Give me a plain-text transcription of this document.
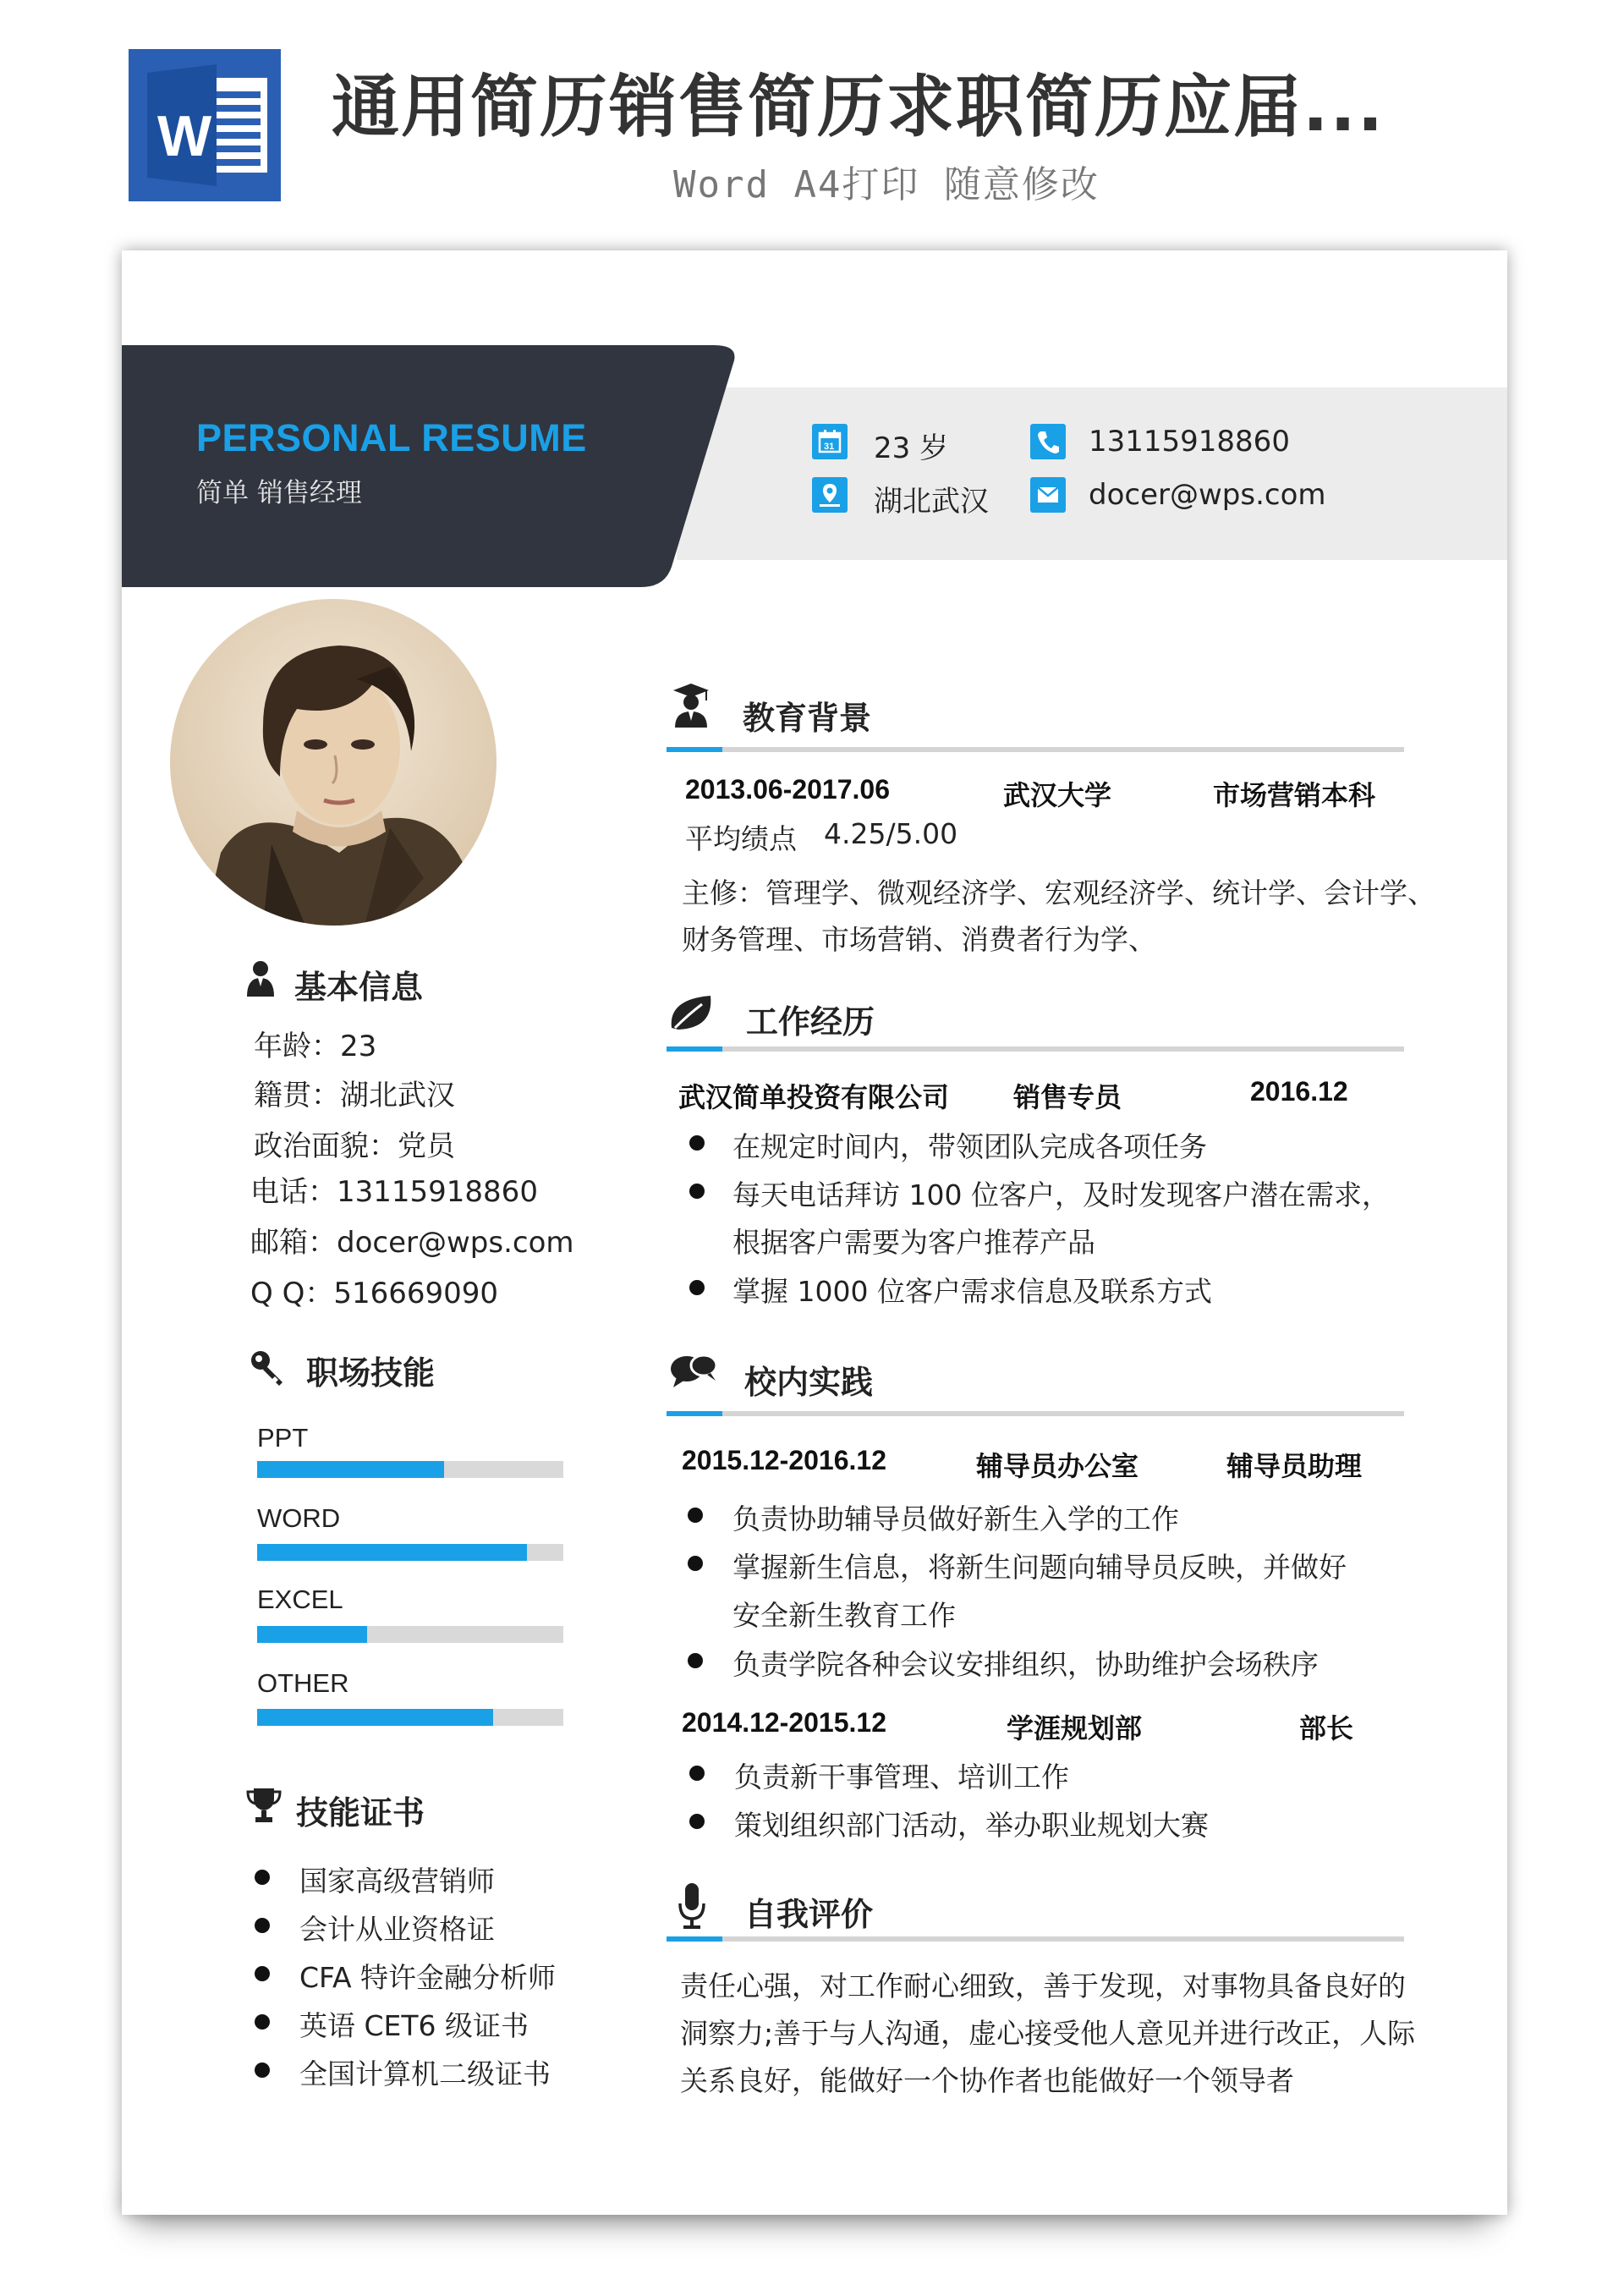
W 通用简历销售简历求职简历应届...
Word A4打印 随意修改
PERSONAL RESUME
简单 销售经理
31 23 岁	13115918860
湖北武汉	docer@wps.com
基本信息
年龄：23
籍贯：湖北武汉
政治面貌：党员
电话：13115918860
邮箱：docer@wps.com
Q Q：516669090
职场技能
PPT
WORD
EXCEL
OTHER
技能证书
国家高级营销师
会计从业资格证
CFA 特许金融分析师
英语 CET6 级证书
全国计算机二级证书
教育背景
2013.06-2017.06	武汉大学	市场营销本科
平均绩点 4.25/5.00
主修：管理学、微观经济学、宏观经济学、统计学、会计学、
财务管理、市场营销、消费者行为学、
工作经历
武汉简单投资有限公司 销售专员	2016.12
在规定时间内，带领团队完成各项任务
每天电话拜访 100 位客户，及时发现客户潜在需求，
根据客户需要为客户推荐产品
掌握 1000 位客户需求信息及联系方式
校内实践
2015.12-2016.12	辅导员办公室	辅导员助理
负责协助辅导员做好新生入学的工作
掌握新生信息，将新生问题向辅导员反映，并做好
安全新生教育工作
负责学院各种会议安排组织，协助维护会场秩序
2014.12-2015.12	学涯规划部	部长
负责新干事管理、培训工作
策划组织部门活动，举办职业规划大赛
自我评价
责任心强，对工作耐心细致，善于发现，对事物具备良好的
洞察力;善于与人沟通，虚心接受他人意见并进行改正，人际
关系良好，能做好一个协作者也能做好一个领导者
